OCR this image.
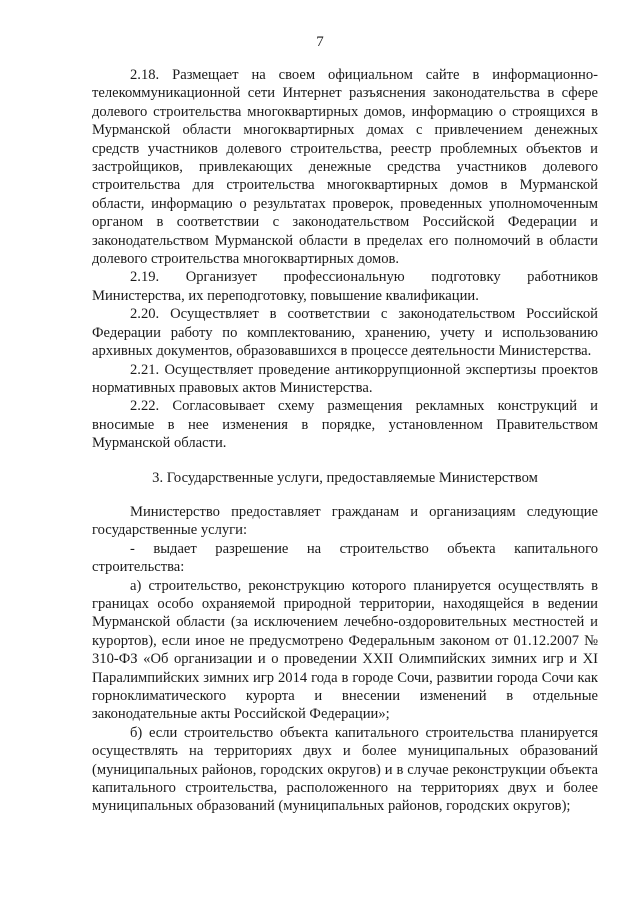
7

2.18. Размещает на своем официальном сайте в информационно-телекоммуникационной сети Интернет разъяснения законодательства в сфере долевого строительства многоквартирных домов, информацию о строящихся в Мурманской области многоквартирных домах с привлечением денежных средств участников долевого строительства, реестр проблемных объектов и застройщиков, привлекающих денежные средства участников долевого строительства для строительства многоквартирных домов в Мурманской области, информацию о результатах проверок, проведенных уполномоченным органом в соответствии с законодательством Российской Федерации и законодательством Мурманской области в пределах его полномочий в области долевого строительства многоквартирных домов.

2.19. Организует профессиональную подготовку работников Министерства, их переподготовку, повышение квалификации.

2.20. Осуществляет в соответствии с законодательством Российской Федерации работу по комплектованию, хранению, учету и использованию архивных документов, образовавшихся в процессе деятельности Министерства.

2.21. Осуществляет проведение антикоррупционной экспертизы проектов нормативных правовых актов Министерства.

2.22. Согласовывает схему размещения рекламных конструкций и вносимые в нее изменения в порядке, установленном Правительством Мурманской области.

3. Государственные услуги, предоставляемые Министерством

Министерство предоставляет гражданам и организациям следующие государственные услуги:

- выдает разрешение на строительство объекта капитального строительства:

а) строительство, реконструкцию которого планируется осуществлять в границах особо охраняемой природной территории, находящейся в ведении Мурманской области (за исключением лечебно-оздоровительных местностей и курортов), если иное не предусмотрено Федеральным законом от 01.12.2007 № 310-ФЗ «Об организации и о проведении XXII Олимпийских зимних игр и XI Паралимпийских зимних игр 2014 года в городе Сочи, развитии города Сочи как горноклиматического курорта и внесении изменений в отдельные законодательные акты Российской Федерации»;

б) если строительство объекта капитального строительства планируется осуществлять на территориях двух и более муниципальных образований (муниципальных районов, городских округов) и в случае реконструкции объекта капитального строительства, расположенного на территориях двух и более муниципальных образований (муниципальных районов, городских округов);
